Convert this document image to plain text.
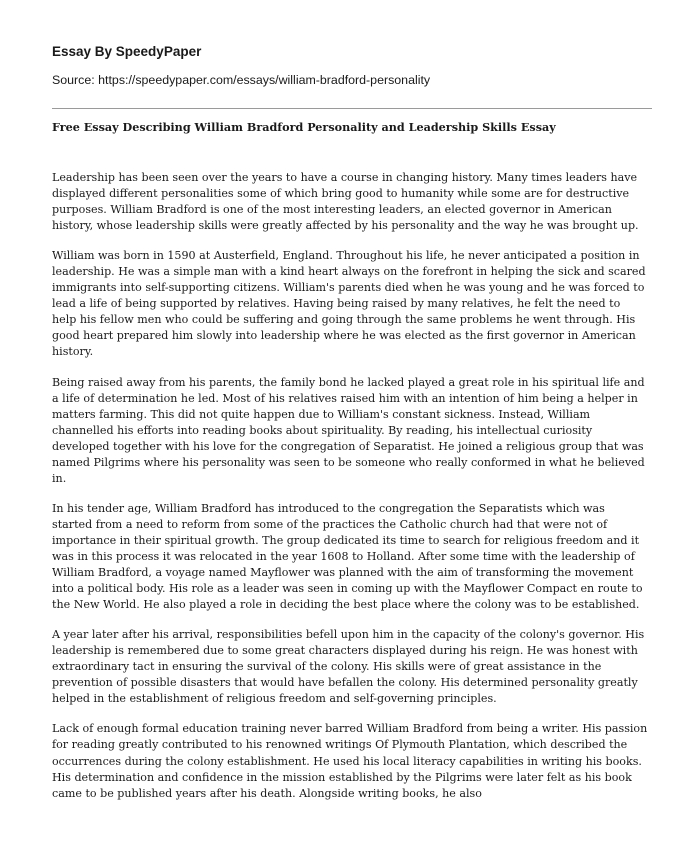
Essay By SpeedyPaper
Source: https://speedypaper.com/essays/william-bradford-personality
Free Essay Describing William Bradford Personality and Leadership Skills Essay

Leadership has been seen over the years to have a course in changing history. Many times leaders have displayed different personalities some of which bring good to humanity while some are for destructive purposes. William Bradford is one of the most interesting leaders, an elected governor in American history, whose leadership skills were greatly affected by his personality and the way he was brought up.

William was born in 1590 at Austerfield, England. Throughout his life, he never anticipated a position in leadership. He was a simple man with a kind heart always on the forefront in helping the sick and scared immigrants into self-supporting citizens. William's parents died when he was young and he was forced to lead a life of being supported by relatives. Having being raised by many relatives, he felt the need to help his fellow men who could be suffering and going through the same problems he went through. His good heart prepared him slowly into leadership where he was elected as the first governor in American history.

Being raised away from his parents, the family bond he lacked played a great role in his spiritual life and a life of determination he led. Most of his relatives raised him with an intention of him being a helper in matters farming. This did not quite happen due to William's constant sickness. Instead, William channelled his efforts into reading books about spirituality. By reading, his intellectual curiosity developed together with his love for the congregation of Separatist. He joined a religious group that was named Pilgrims where his personality was seen to be someone who really conformed in what he believed in.

In his tender age, William Bradford has introduced to the congregation the Separatists which was started from a need to reform from some of the practices the Catholic church had that were not of importance in their spiritual growth. The group dedicated its time to search for religious freedom and it was in this process it was relocated in the year 1608 to Holland. After some time with the leadership of William Bradford, a voyage named Mayflower was planned with the aim of transforming the movement into a political body. His role as a leader was seen in coming up with the Mayflower Compact en route to the New World. He also played a role in deciding the best place where the colony was to be established.

A year later after his arrival, responsibilities befell upon him in the capacity of the colony's governor. His leadership is remembered due to some great characters displayed during his reign. He was honest with extraordinary tact in ensuring the survival of the colony. His skills were of great assistance in the prevention of possible disasters that would have befallen the colony. His determined personality greatly helped in the establishment of religious freedom and self-governing principles.

Lack of enough formal education training never barred William Bradford from being a writer. His passion for reading greatly contributed to his renowned writings Of Plymouth Plantation, which described the occurrences during the colony establishment. He used his local literacy capabilities in writing his books. His determination and confidence in the mission established by the Pilgrims were later felt as his book came to be published years after his death. Alongside writing books, he also
